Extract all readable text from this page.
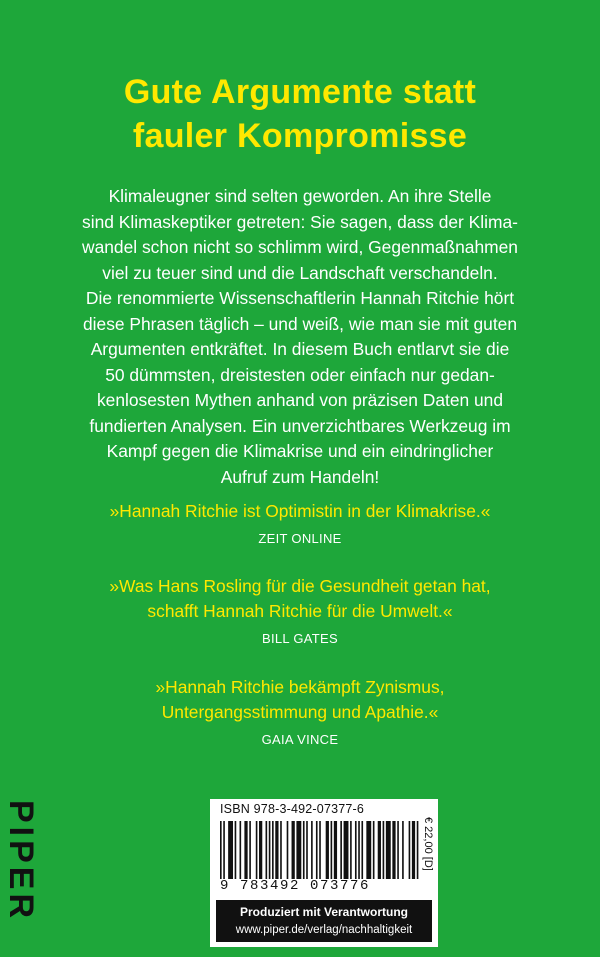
Gute Argumente statt
fauler Kompromisse
Klimaleugner sind selten geworden. An ihre Stelle
sind Klimaskeptiker getreten: Sie sagen, dass der Klima-
wandel schon nicht so schlimm wird, Gegenmaßnahmen
viel zu teuer sind und die Landschaft verschandeln.
Die renommierte Wissenschaftlerin Hannah Ritchie hört
diese Phrasen täglich – und weiß, wie man sie mit guten
Argumenten entkräftet. In diesem Buch entlarvt sie die
50 dümmsten, dreistesten oder einfach nur gedan-
kenlosesten Mythen anhand von präzisen Daten und
fundierten Analysen. Ein unverzichtbares Werkzeug im
Kampf gegen die Klimakrise und ein eindringlicher
Aufruf zum Handeln!
»Hannah Ritchie ist Optimistin in der Klimakrise.«
ZEIT ONLINE
»Was Hans Rosling für die Gesundheit getan hat,
schafft Hannah Ritchie für die Umwelt.«
BILL GATES
»Hannah Ritchie bekämpft Zynismus,
Untergangsstimmung und Apathie.«
GAIA VINCE
PIPER	ISBN 978-3-492-07377-6
9 783492 073776
€ 22,00 [D]
Produziert mit Verantwortung
www.piper.de/verlag/nachhaltigkeit
